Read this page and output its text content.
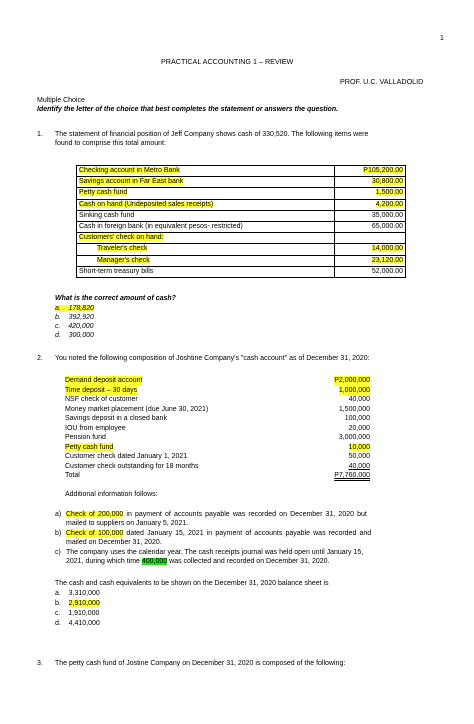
1
PRACTICAL ACCOUNTING 1 – REVIEW
PROF. U.C. VALLADOLID
Multiple Choice
Identify the letter of the choice that best completes the statement or answers the question.
1. The statement of financial position of Jeff Company shows cash of 330,520. The following items were
found to comprise this total amount:
Checking account in Metro Bank	P105,200.00
Savings account in Far East bank	30,800.00
Petty cash fund	1,500.00
Cash on hand (Undeposited sales receipts)	4,200.00
Sinking cash fund	35,000.00
Cash in foreign bank (in equivalent pesos- restricted)	65,000.00
Customers' check on hand:	
Traveler's check	14,000.00
Manager's check	23,120.00
Short-term treasury bills	52,000.00
What is the correct amount of cash?
a. 178,820
b. 392,920
c. 420,000
d. 300,000
2. You noted the following composition of Joshtine Company's "cash account" as of December 31, 2020:
Demand deposit account	P2,000,000
Time deposit – 30 days	1,000,000
NSF check of customer	40,000
Money market placement (due June 30, 2021)	1,500,000
Savings deposit in a closed bank	100,000
IOU from employee	20,000
Pension fund	3,000,000
Petty cash fund	10,000
Customer check dated January 1, 2021	50,000
Customer check outstanding for 18 months	40,000
Total	P7,760,000
Additional information follows:
a) Check of 200,000 in payment of accounts payable was recorded on December 31, 2020 but
mailed to suppliers on January 5, 2021.
b) Check of 100,000 dated January 15, 2021 in payment of accounts payable was recorded and
mailed on December 31, 2020.
c) The company uses the calendar year. The cash receipts journal was held open until January 15,
2021, during which time 400,000 was collected and recorded on December 31, 2020.
The cash and cash equivalents to be shown on the December 31, 2020 balance sheet is
a. 3,310,000
b. 2,910,000
c. 1,910,000
d. 4,410,000
3. The petty cash fund of Jostine Company on December 31, 2020 is composed of the following:
